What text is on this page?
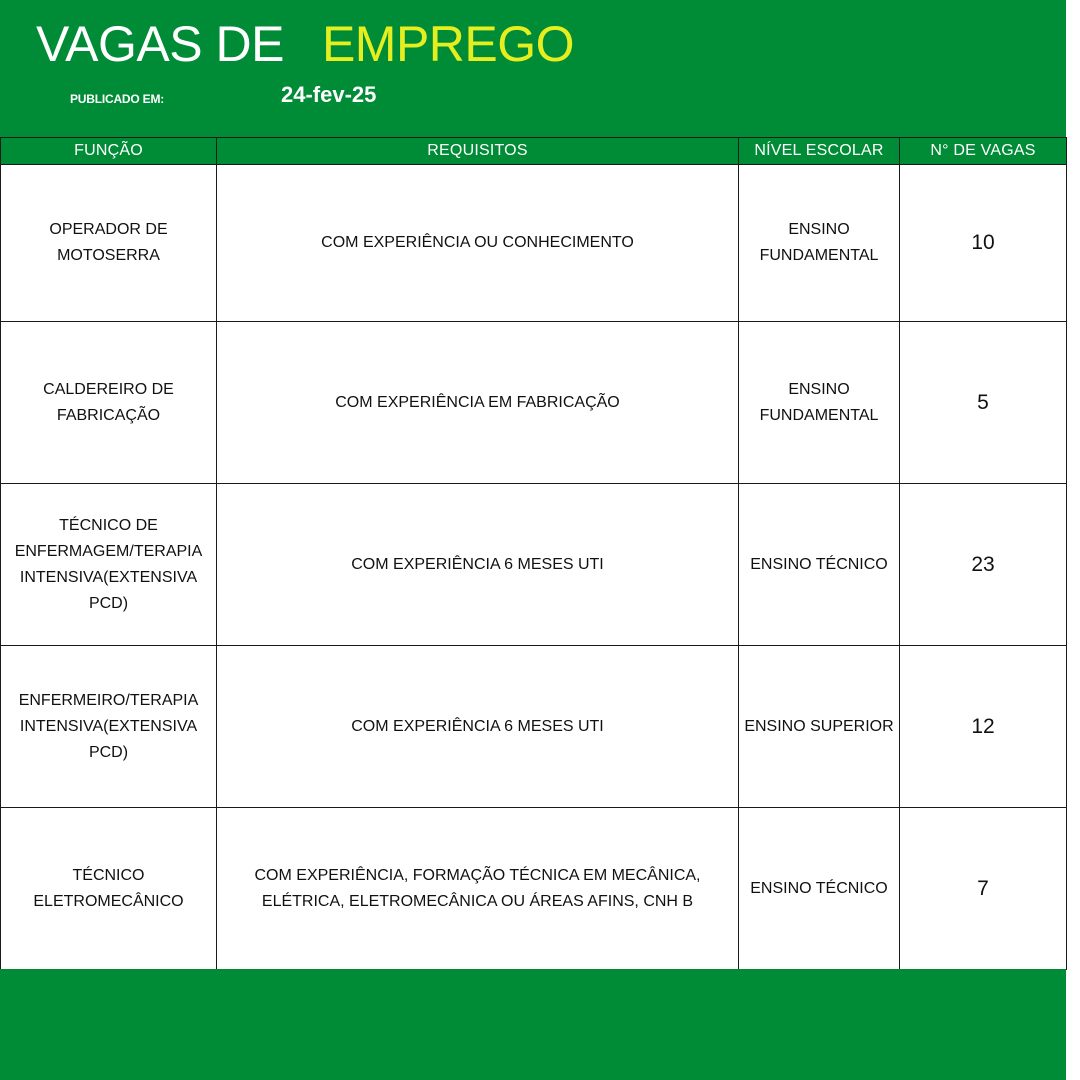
VAGAS DE EMPREGO
PUBLICADO EM:	24-fev-25
FUNÇÃO	REQUISITOS	NÍVEL ESCOLAR	N° DE VAGAS
OPERADOR DE MOTOSERRA	COM EXPERIÊNCIA OU CONHECIMENTO	ENSINO FUNDAMENTAL	10
CALDEREIRO DE FABRICAÇÃO	COM EXPERIÊNCIA EM FABRICAÇÃO	ENSINO FUNDAMENTAL	5
TÉCNICO DE ENFERMAGEM/TERAPIA INTENSIVA(EXTENSIVA PCD)	COM EXPERIÊNCIA 6 MESES UTI	ENSINO TÉCNICO	23
ENFERMEIRO/TERAPIA INTENSIVA(EXTENSIVA PCD)	COM EXPERIÊNCIA 6 MESES UTI	ENSINO SUPERIOR	12
TÉCNICO ELETROMECÂNICO	COM EXPERIÊNCIA, FORMAÇÃO TÉCNICA EM MECÂNICA, ELÉTRICA, ELETROMECÂNICA OU ÁREAS AFINS, CNH B	ENSINO TÉCNICO	7
